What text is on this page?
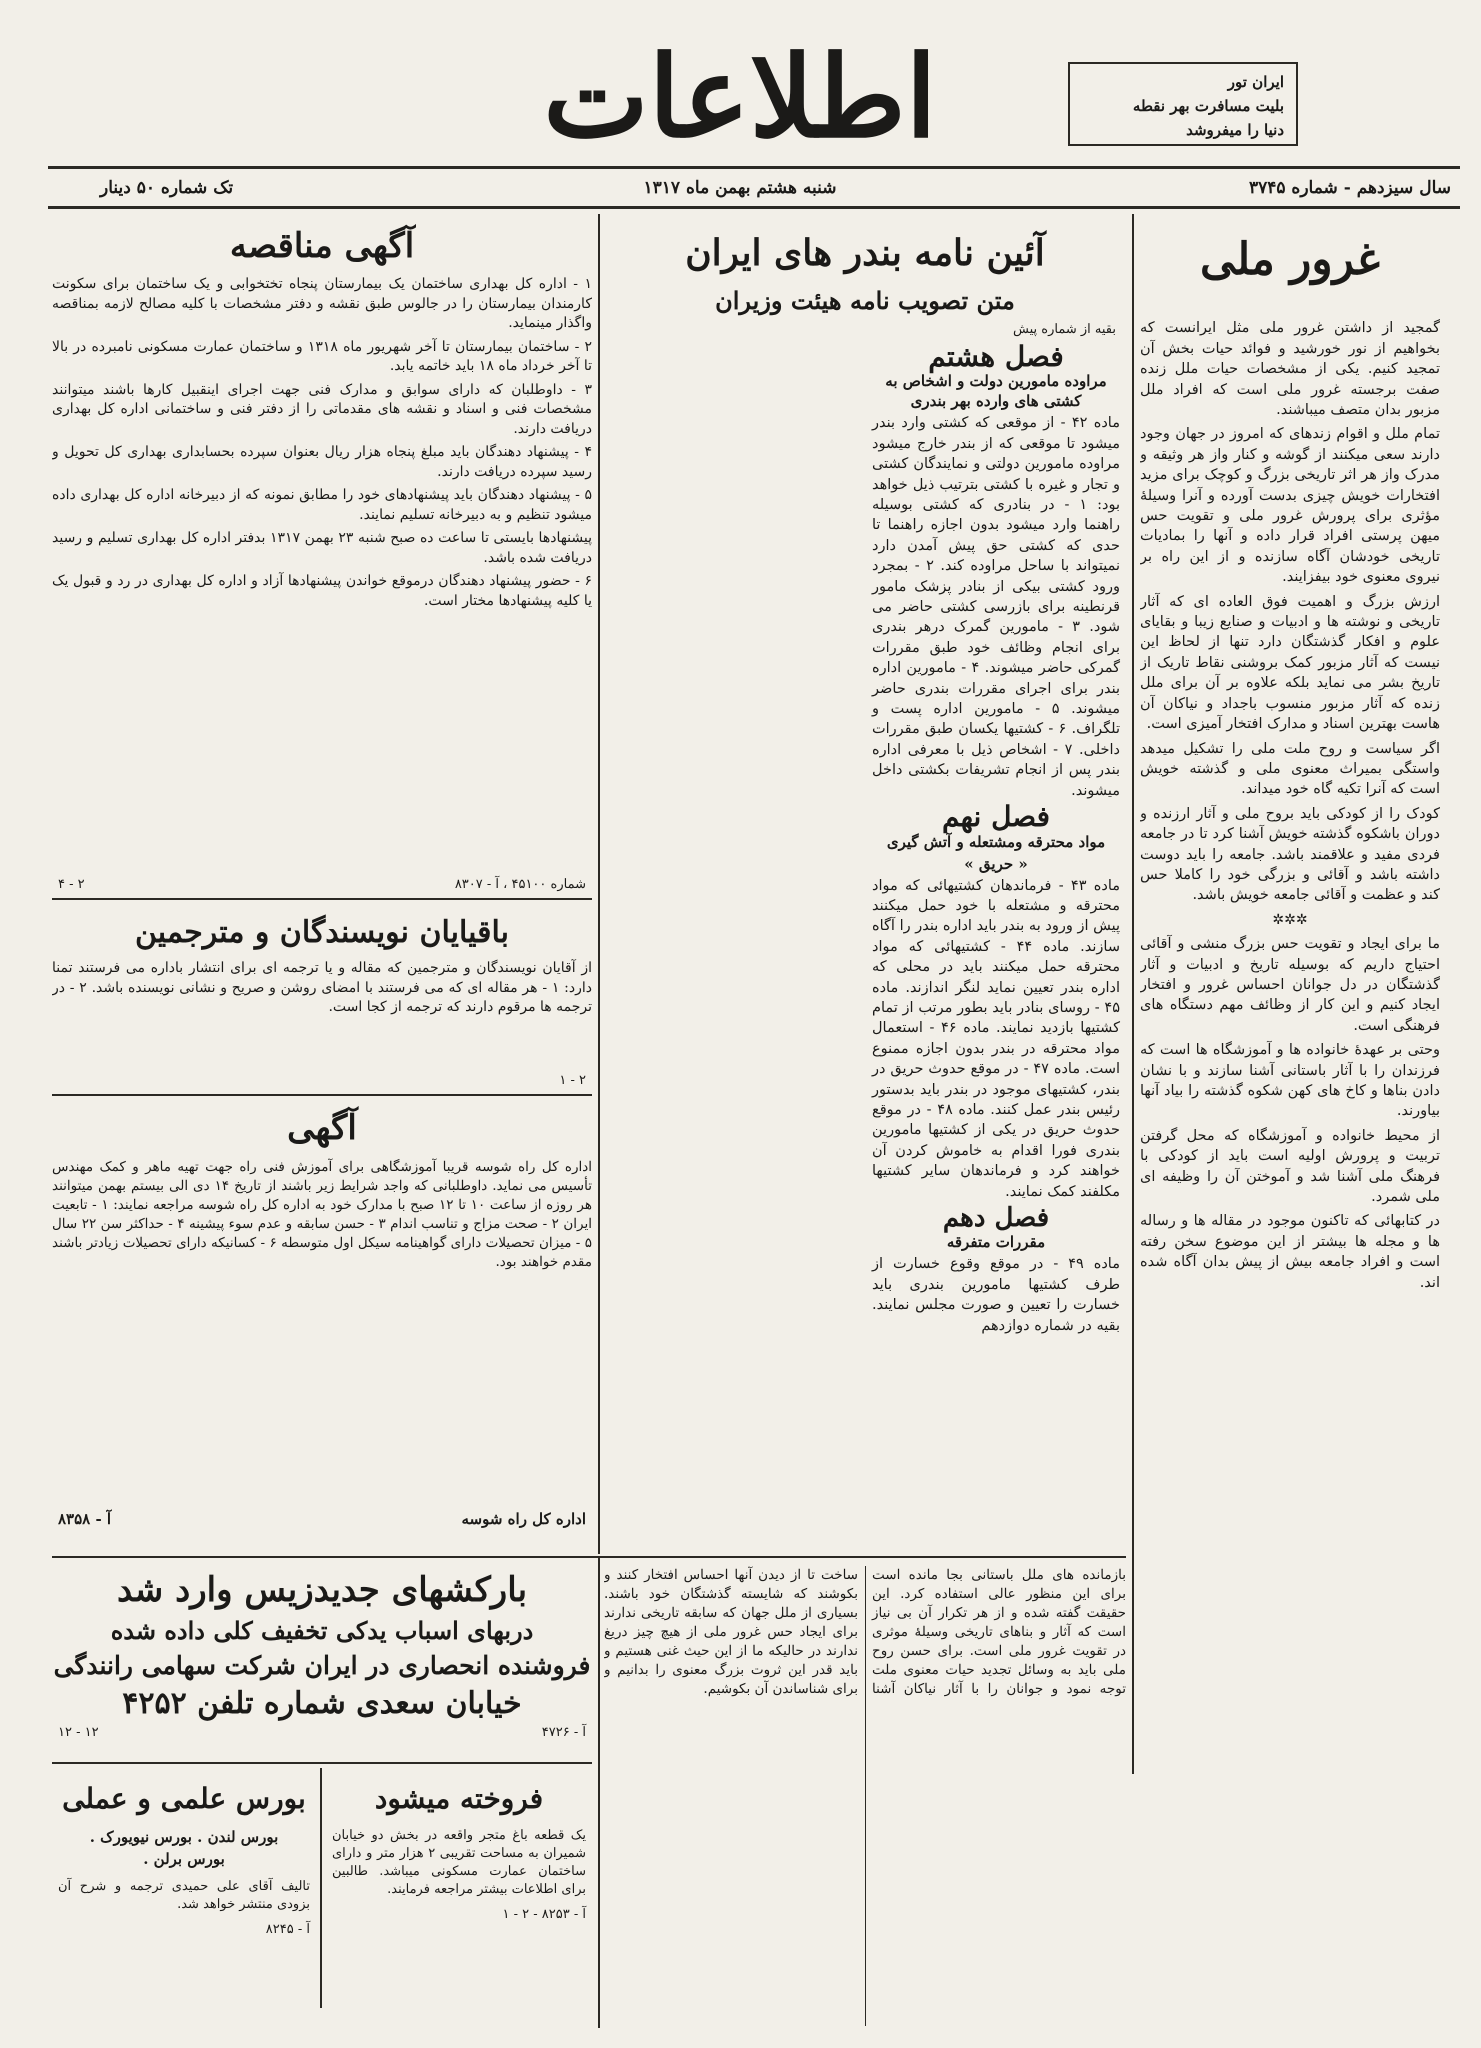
اطلاعات	ایران تور
بلیت مسافرت بهر نقطه
دنیا را میفروشد
سال سیزدهم - شماره ۳۷۴۵
شنبه هشتم بهمن ماه ۱۳۱۷
تک شماره ۵۰ دینار
غرور ملی

گمجید از داشتن غرور ملی مثل ایرانست که بخواهیم از نور خورشید و فوائد حیات بخش آن تمجید کنیم. یکی از مشخصات حیات ملل زنده صفت برجسته غرور ملی است که افراد ملل مزبور بدان متصف میباشند.

تمام ملل و اقوام زندهای که امروز در جهان وجود دارند سعی میکنند از گوشه و کنار واز هر وثیقه و مدرک واز هر اثر تاریخی بزرگ و کوچک برای مزید افتخارات خویش چیزی بدست آورده و آنرا وسیلهٔ مؤثری برای پرورش غرور ملی و تقویت حس میهن پرستی افراد قرار داده و آنها را بمادیات تاریخی خودشان آگاه سازنده و از این راه بر نیروی معنوی خود بیفزایند.

ارزش بزرگ و اهمیت فوق العاده ای که آثار تاریخی و نوشته ها و ادبیات و صنایع زیبا و بقایای علوم و افکار گذشتگان دارد تنها از لحاظ این نیست که آثار مزبور کمک بروشنی نقاط تاریک از تاریخ بشر می نماید بلکه علاوه بر آن برای ملل زنده که آثار مزبور منسوب باجداد و نیاکان آن هاست بهترین اسناد و مدارک افتخار آمیزی است.

اگر سیاست و روح ملت ملی را تشکیل میدهد واستگی بمیراث معنوی ملی و گذشته خویش است که آنرا تکیه گاه خود میداند.

کودک را از کودکی باید بروح ملی و آثار ارزنده و دوران باشکوه گذشته خویش آشنا کرد تا در جامعه فردی مفید و علاقمند باشد. جامعه را باید دوست داشته باشد و آقائی و بزرگی خود را کاملا حس کند و عظمت و آقائی جامعه خویش باشد.

✲✲✲

ما برای ایجاد و تقویت حس بزرگ منشی و آقائی احتیاج داریم که بوسیله تاریخ و ادبیات و آثار گذشتگان در دل جوانان احساس غرور و افتخار ایجاد کنیم و این کار از وظائف مهم دستگاه های فرهنگی است.

وحتی بر عهدهٔ خانواده ها و آموزشگاه ها است که فرزندان را با آثار باستانی آشنا سازند و با نشان دادن بناها و کاخ های کهن شکوه گذشته را بیاد آنها بیاورند.

از محیط خانواده و آموزشگاه که محل گرفتن تربیت و پرورش اولیه است باید از کودکی با فرهنگ ملی آشنا شد و آموختن آن را وظیفه ای ملی شمرد.

در کتابهائی که تاکنون موجود در مقاله ها و رساله ها و مجله ها بیشتر از این موضوع سخن رفته است و افراد جامعه بیش از پیش بدان آگاه شده اند.

آئین نامه بندر های ایران
متن تصویب نامه هیئت وزیران
بقیه از شماره پیش
فصل هشتم
مراوده مامورین دولت و اشخاص به کشتی های وارده بهر بندری

ماده ۴۲ - از موقعی که کشتی وارد بندر میشود تا موقعی که از بندر خارج میشود مراوده مامورین دولتی و نمایندگان کشتی و تجار و غیره با کشتی بترتیب ذیل خواهد بود: ۱ - در بنادری که کشتی بوسیله راهنما وارد میشود بدون اجازه راهنما تا حدی که کشتی حق پیش آمدن دارد نمیتواند با ساحل مراوده کند. ۲ - بمجرد ورود کشتی بیکی از بنادر پزشک مامور قرنطینه برای بازرسی کشتی حاضر می شود. ۳ - مامورین گمرک درهر بندری برای انجام وظائف خود طبق مقررات گمرکی حاضر میشوند. ۴ - مامورین اداره بندر برای اجرای مقررات بندری حاضر میشوند. ۵ - مامورین اداره پست و تلگراف. ۶ - کشتیها یکسان طبق مقررات داخلی. ۷ - اشخاص ذیل با معرفی اداره بندر پس از انجام تشریفات بکشتی داخل میشوند.

فصل نهم
مواد محترقه ومشتعله و آتش گیری
« حریق »

ماده ۴۳ - فرماندهان کشتیهائی که مواد محترقه و مشتعله با خود حمل میکنند پیش از ورود به بندر باید اداره بندر را آگاه سازند. ماده ۴۴ - کشتیهائی که مواد محترقه حمل میکنند باید در محلی که اداره بندر تعیین نماید لنگر اندازند. ماده ۴۵ - روسای بنادر باید بطور مرتب از تمام کشتیها بازدید نمایند. ماده ۴۶ - استعمال مواد محترقه در بندر بدون اجازه ممنوع است. ماده ۴۷ - در موقع حدوث حریق در بندر، کشتیهای موجود در بندر باید بدستور رئیس بندر عمل کنند. ماده ۴۸ - در موقع حدوث حریق در یکی از کشتیها مامورین بندری فورا اقدام به خاموش کردن آن خواهند کرد و فرماندهان سایر کشتیها مکلفند کمک نمایند.

فصل دهم
مقررات متفرقه

ماده ۴۹ - در موقع وقوع خسارت از طرف کشتیها مامورین بندری باید خسارت را تعیین و صورت مجلس نمایند. بقیه در شماره دوازدهم

آگهی مناقصه

۱ - اداره کل بهداری ساختمان یک بیمارستان پنجاه تختخوابی و یک ساختمان برای سکونت کارمندان بیمارستان را در جالوس طبق نقشه و دفتر مشخصات با کلیه مصالح لازمه بمناقصه واگذار مینماید.

۲ - ساختمان بیمارستان تا آخر شهریور ماه ۱۳۱۸ و ساختمان عمارت مسکونی نامبرده در بالا تا آخر خرداد ماه ۱۸ باید خاتمه یابد.

۳ - داوطلبان که دارای سوابق و مدارک فنی جهت اجرای اینقبیل کارها باشند میتوانند مشخصات فنی و اسناد و نقشه های مقدماتی را از دفتر فنی و ساختمانی اداره کل بهداری دریافت دارند.

۴ - پیشنهاد دهندگان باید مبلغ پنجاه هزار ریال بعنوان سپرده بحسابداری بهداری کل تحویل و رسید سپرده دریافت دارند.

۵ - پیشنهاد دهندگان باید پیشنهادهای خود را مطابق نمونه که از دبیرخانه اداره کل بهداری داده میشود تنظیم و به دبیرخانه تسلیم نمایند.

پیشنهادها بایستی تا ساعت ده صبح شنبه ۲۳ بهمن ۱۳۱۷ بدفتر اداره کل بهداری تسلیم و رسید دریافت شده باشد.

۶ - حضور پیشنهاد دهندگان درموقع خواندن پیشنهادها آزاد و اداره کل بهداری در رد و قبول یک یا کلیه پیشنهادها مختار است.

شماره ۴۵۱۰۰ ، آ - ۸۳۰۷
۲ - ۴
باقیایان نویسندگان و مترجمین

از آقایان نویسندگان و مترجمین که مقاله و یا ترجمه ای برای انتشار باداره می فرستند تمنا دارد: ۱ - هر مقاله ای که می فرستند با امضای روشن و صریح و نشانی نویسنده باشد. ۲ - در ترجمه ها مرقوم دارند که ترجمه از کجا است.

۲ - ۱
آگهی

اداره کل راه شوسه قریبا آموزشگاهی برای آموزش فنی راه جهت تهیه ماهر و کمک مهندس تأسیس می نماید. داوطلبانی که واجد شرایط زیر باشند از تاریخ ۱۴ دی الی بیستم بهمن میتوانند هر روزه از ساعت ۱۰ تا ۱۲ صبح با مدارک خود به اداره کل راه شوسه مراجعه نمایند: ۱ - تابعیت ایران ۲ - صحت مزاج و تناسب اندام ۳ - حسن سابقه و عدم سوء پیشینه ۴ - حداکثر سن ۲۲ سال ۵ - میزان تحصیلات دارای گواهینامه سیکل اول متوسطه ۶ - کسانیکه دارای تحصیلات زیادتر باشند مقدم خواهند بود.

اداره کل راه شوسه
آ - ۸۳۵۸
بارکشهای جدیدزیس وارد شد
دربهای اسباب یدکی تخفیف کلی داده شده
فروشنده انحصاری در ایران شرکت سهامی رانندگی
خیابان سعدی شماره تلفن ۴۲۵۲
آ - ۴۷۲۶
۱۲ - ۱۲
فروخته میشود
یک قطعه باغ متجر واقعه در بخش دو خیابان شمیران به مساحت تقریبی ۲ هزار متر و دارای ساختمان عمارت مسکونی میباشد. طالبین برای اطلاعات بیشتر مراجعه فرمایند.
آ - ۸۲۵۳ - ۲ - ۱
بورس علمی و عملی
بورس لندن . بورس نیویورک .
بورس برلن .
تالیف آقای علی حمیدی ترجمه و شرح آن بزودی منتشر خواهد شد.
آ - ۸۲۴۵
بازمانده های ملل باستانی بجا مانده است برای این منظور عالی استفاده کرد. این حقیقت گفته شده و از هر تکرار آن بی نیاز است که آثار و بناهای تاریخی وسیلهٔ موثری در تقویت غرور ملی است. برای حسن روح ملی باید به وسائل تجدید حیات معنوی ملت توجه نمود و جوانان را با آثار نیاکان آشنا ساخت تا از دیدن آنها احساس افتخار کنند و بکوشند که شایسته گذشتگان خود باشند. بسیاری از ملل جهان که سابقه تاریخی ندارند برای ایجاد حس غرور ملی از هیچ چیز دریغ ندارند در حالیکه ما از این حیث غنی هستیم و باید قدر این ثروت بزرگ معنوی را بدانیم و برای شناساندن آن بکوشیم.
